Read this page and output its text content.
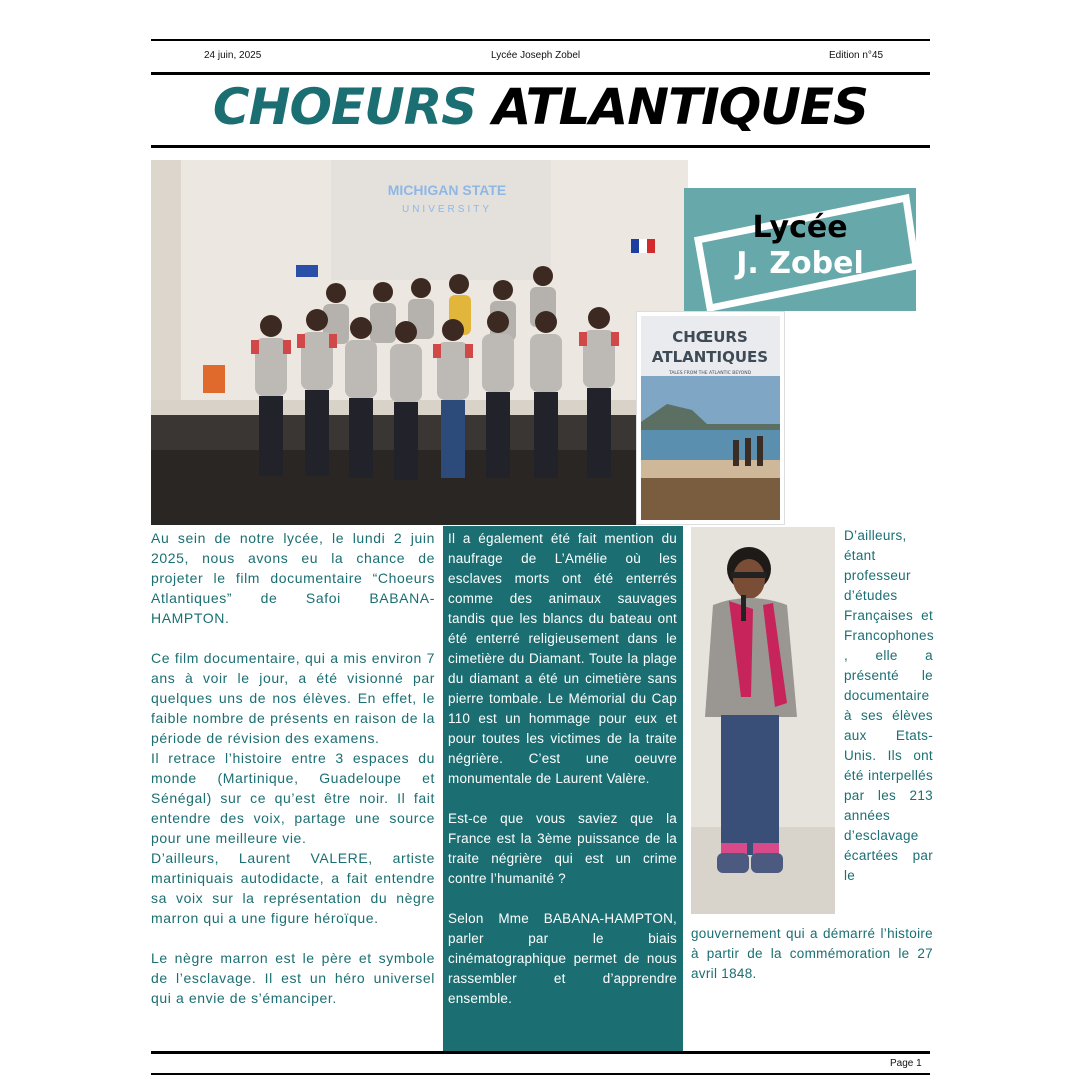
24 juin, 2025	Lycée Joseph Zobel	Edition n°45
CHOEURS ATLANTIQUES
MICHIGAN STATE
UNIVERSITY
Lycée
J. Zobel
CHŒURS
ATLANTIQUES
TALES FROM THE ATLANTIC BEYOND

Au sein de notre lycée, le lundi 2 juin 2025, nous avons eu la chance de projeter le film documentaire “Choeurs Atlantiques” de Safoi BABANA-HAMPTON.

Ce film documentaire, qui a mis environ 7 ans à voir le jour, a été visionné par quelques uns de nos élèves. En effet, le faible nombre de présents en raison de la période de révision des examens.

Il retrace l’histoire entre 3 espaces du monde (Martinique, Guadeloupe et Sénégal) sur ce qu’est être noir. Il fait entendre des voix, partage une source pour une meilleure vie.

D’ailleurs, Laurent VALERE, artiste martiniquais autodidacte, a fait entendre sa voix sur la représentation du nègre marron qui a une figure héroïque.

Le nègre marron est le père et symbole de l’esclavage. Il est un héro universel qui a envie de s’émanciper.

Il a également été fait mention du naufrage de L’Amélie où les esclaves morts ont été enterrés comme des animaux sauvages tandis que les blancs du bateau ont été enterré religieusement dans le cimetière du Diamant. Toute la plage du diamant a été un cimetière sans pierre tombale. Le Mémorial du Cap 110 est un hommage pour eux et pour toutes les victimes de la traite négrière. C’est une oeuvre monumentale de Laurent Valère.

Est-ce que vous saviez que la France est la 3ème puissance de la traite négrière qui est un crime contre l’humanité ?

Selon Mme BABANA-HAMPTON, parler par le biais cinématographique permet de nous rassembler et d’apprendre ensemble.

D’ailleurs, étant professeur d’études Françaises et Francophones , elle a présenté le documentaire à ses élèves aux Etats-Unis. Ils ont été interpellés par les 213 années d’esclavage écartées par le

gouvernement qui a démarré l’histoire à partir de la commémoration le 27 avril 1848.

Page 1
